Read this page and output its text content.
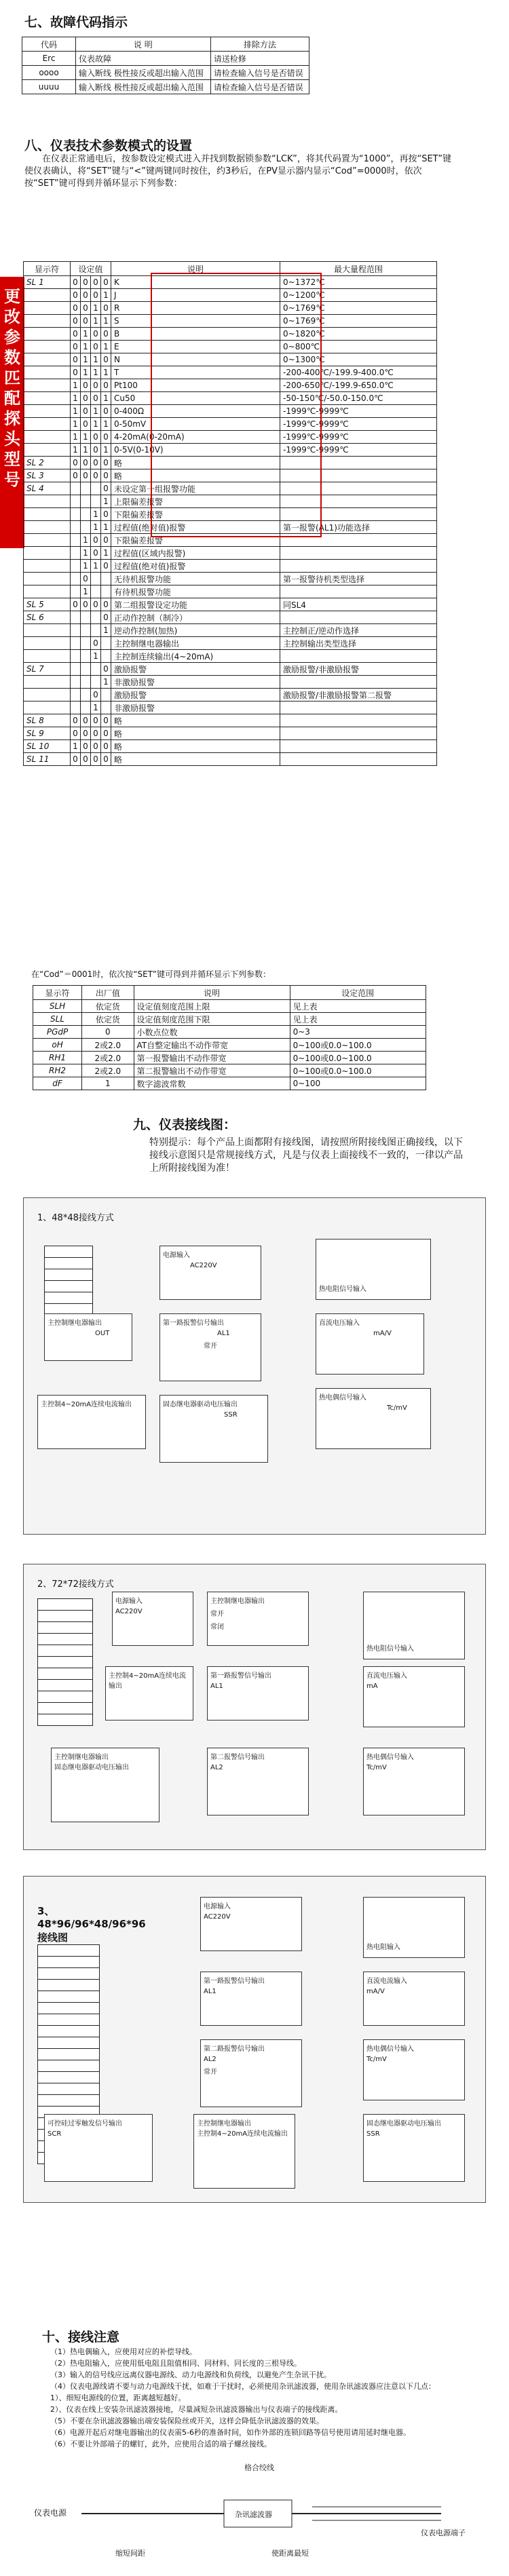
七、故障代码指示
代码	说 明	排除方法
Erc	仪表故障	请送检修
oooo	输入断线 极性接反或超出输入范围	请检查输入信号是否错误
uuuu	输入断线 极性接反或超出输入范围	请检查输入信号是否错误
八、仪表技术参数模式的设置
在仪表正常通电后，按参数设定模式进入并找到数据锁参数“LCK”，将其代码置为“1000”，再按“SET”键使仪表确认，将“SET”键与“<”键两键同时按住，约3秒后，在PV显示器内显示“Cod”=0000时，依次按“SET”键可得到并循环显示下列参数：
更改参数匹配探头型号
显示符	设定值				说明	最大量程范围
SL 1	0	0	0	0	K	0~1372℃
	0	0	0	1	J	0~1200℃
	0	0	1	0	R	0~1769℃
	0	0	1	1	S	0~1769℃
	0	1	0	0	B	0~1820℃
	0	1	0	1	E	0~800℃
	0	1	1	0	N	0~1300℃
	0	1	1	1	T	-200-400℃/-199.9-400.0℃
	1	0	0	0	Pt100	-200-650℃/-199.9-650.0℃
	1	0	0	1	Cu50	-50-150℃/-50.0-150.0℃
	1	0	1	0	0-400Ω	-1999℃-9999℃
	1	0	1	1	0-50mV	-1999℃-9999℃
	1	1	0	0	4-20mA(0-20mA)	-1999℃-9999℃
	1	1	0	1	0-5V(0-10V)	-1999℃-9999℃
SL 2	0	0	0	0	略	
SL 3	0	0	0	0	略	
SL 4				0	未设定第一组报警功能	
				1	上限偏差报警	
			1	0	下限偏差报警	
			1	1	过程值(绝对值)报警	第一报警(AL1)功能选择
		1	0	0	下限偏差报警	
		1	0	1	过程值(区域内报警)	
		1	1	0	过程值(绝对值)报警	
		0			无待机报警功能	第一报警待机类型选择
		1			有待机报警功能	
SL 5	0	0	0	0	第二组报警设定功能	同SL4
SL 6				0	正动作控制（制冷）	
				1	逆动作控制(加热)	主控制正/逆动作选择
			0		主控制继电器输出	主控制输出类型选择
			1		主控制连续输出(4~20mA)	
SL 7				0	激励报警	激励报警/非激励报警
				1	非激励报警	
			0		激励报警	激励报警/非激励报警第二报警
			1		非激励报警	
SL 8	0	0	0	0	略	
SL 9	0	0	0	0	略	
SL 10	1	0	0	0	略	
SL 11	0	0	0	0	略	
在“Cod”＝0001时，依次按“SET”键可得到并循环显示下列参数：
显示符	出厂值	说明	设定范围
SLH	依定货	设定值刻度范围上限	见上表
SLL	依定货	设定值刻度范围下限	见上表
PGdP	0	小数点位数	0~3
oH	2或2.0	AT自整定输出不动作带宽	0~100或0.0~100.0
RH1	2或2.0	第一报警输出不动作带宽	0~100或0.0~100.0
RH2	2或2.0	第二报警输出不动作带宽	0~100或0.0~100.0
dF	1	数字滤波常数	0~100
九、仪表接线图：
特别提示：每个产品上面都附有接线图，请按照所附接线图正确接线，以下接线示意图只是常规接线方式，凡是与仪表上面接线不一致的，一律以产品上所附接线图为准！
1、48*48接线方式
电源输入
AC220V
热电阻信号输入
主控制继电器输出
OUT
第一路报警信号输出
AL1
常开
直流电压输入
mA/V
主控制4~20mA连续电流输出	固态继电器驱动电压输出
SSR
热电偶信号输入
Tc/mV
2、72*72接线方式
电源输入
AC220V
主控制继电器输出
常开
常闭
热电阻信号输入
主控制4~20mA连续电流输出
第一路报警信号输出
AL1
直流电压输入
mA
主控制继电器输出
固态继电器驱动电压输出
第二报警信号输出
AL2
热电偶信号输入
Tc/mV
3、48*96/96*48/96*96接线图
电源输入
AC220V
热电阻输入
第一路报警信号输出
AL1
直流电流输入
mA/V
第二路报警信号输出
AL2
常开
热电偶信号输入
Tc/mV
可控硅过零触发信号输出
SCR
主控制继电器输出
主控制4~20mA连续电流输出
固态继电器驱动电压输出
SSR
十、接线注意
（1）热电偶输入，应使用对应的补偿导线。
（2）热电阻输入，应使用低电阻且阻值相同、同材料、同长度的三根导线。
（3）输入的信号线应远离仪器电源线、动力电源线和负荷线，以避免产生杂讯干扰。
（4）仪表电源线请不要与动力电源线干扰，如难于干扰时，必须使用杂讯滤波器，使用杂讯滤波器应注意以下几点：
1）、细短电源线的位置，距离越短越好。
2）、仪表在线上安装杂讯滤波器接地，尽量减短杂讯滤波器输出与仪表端子的接线距离。
（5）不要在杂讯滤波器输出端安装保险丝或开关，这样会降低杂讯滤波器的效果。
（6）电源开起后对继电器输出的仪表需5-6秒的准备时间，如作外部的连锁回路等信号使用请用延时继电器。
（6）不要让外部端子的螺钉，此外，应使用合适的端子螺丝接线。
格合绞线
仪表电源	杂讯滤波器
仪表电源端子
缩短间距	使距离最短
